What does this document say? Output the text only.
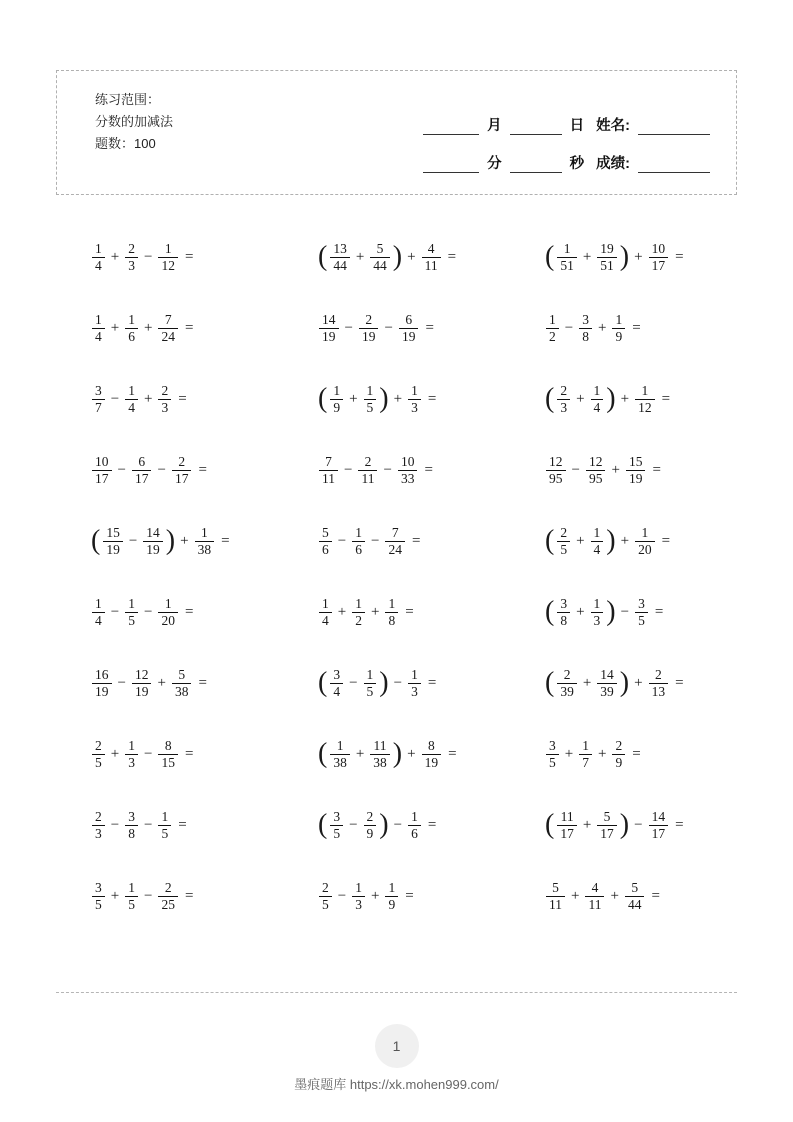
练习范围：
分数的加减法
题数：100
月	日 姓名:
分	秒 成绩:
$\frac{1}{4} + \frac{2}{3} - \frac{1}{12}$ =	( $\frac{13}{44} + \frac{5}{44}$ ) + $\frac{4}{11}$ =	( $\frac{1}{51} + \frac{19}{51}$ ) + $\frac{10}{17}$ =
$\frac{1}{4} + \frac{1}{6} + \frac{7}{24}$ =	$\frac{14}{19} - \frac{2}{19} - \frac{6}{19}$ =	$\frac{1}{2} - \frac{3}{8} + \frac{1}{9}$ =
$\frac{3}{7} - \frac{1}{4} + \frac{2}{3}$ =	( $\frac{1}{9} + \frac{1}{5}$ ) + $\frac{1}{3}$ =	( $\frac{2}{3} + \frac{1}{4}$ ) + $\frac{1}{12}$ =
$\frac{10}{17} - \frac{6}{17} - \frac{2}{17}$ =	$\frac{7}{11} - \frac{2}{11} - \frac{10}{33}$ =	$\frac{12}{95} - \frac{12}{95} + \frac{15}{19}$ =
( $\frac{15}{19} - \frac{14}{19}$ ) + $\frac{1}{38}$ =	$\frac{5}{6} - \frac{1}{6} - \frac{7}{24}$ =	( $\frac{2}{5} + \frac{1}{4}$ ) + $\frac{1}{20}$ =
$\frac{1}{4} - \frac{1}{5} - \frac{1}{20}$ =	$\frac{1}{4} + \frac{1}{2} + \frac{1}{8}$ =	( $\frac{3}{8} + \frac{1}{3}$ ) − $\frac{3}{5}$ =
$\frac{16}{19} - \frac{12}{19} + \frac{5}{38}$ =	( $\frac{3}{4} - \frac{1}{5}$ ) − $\frac{1}{3}$ =	( $\frac{2}{39} + \frac{14}{39}$ ) + $\frac{2}{13}$ =
$\frac{2}{5} + \frac{1}{3} - \frac{8}{15}$ =	( $\frac{1}{38} + \frac{11}{38}$ ) + $\frac{8}{19}$ =	$\frac{3}{5} + \frac{1}{7} + \frac{2}{9}$ =
$\frac{2}{3} - \frac{3}{8} - \frac{1}{5}$ =	( $\frac{3}{5} - \frac{2}{9}$ ) − $\frac{1}{6}$ =	( $\frac{11}{17} + \frac{5}{17}$ ) − $\frac{14}{17}$ =
$\frac{3}{5} + \frac{1}{5} - \frac{2}{25}$ =	$\frac{2}{5} - \frac{1}{3} + \frac{1}{9}$ =	$\frac{5}{11} + \frac{4}{11} + \frac{5}{44}$ =
1
墨痕题库 https://xk.mohen999.com/
